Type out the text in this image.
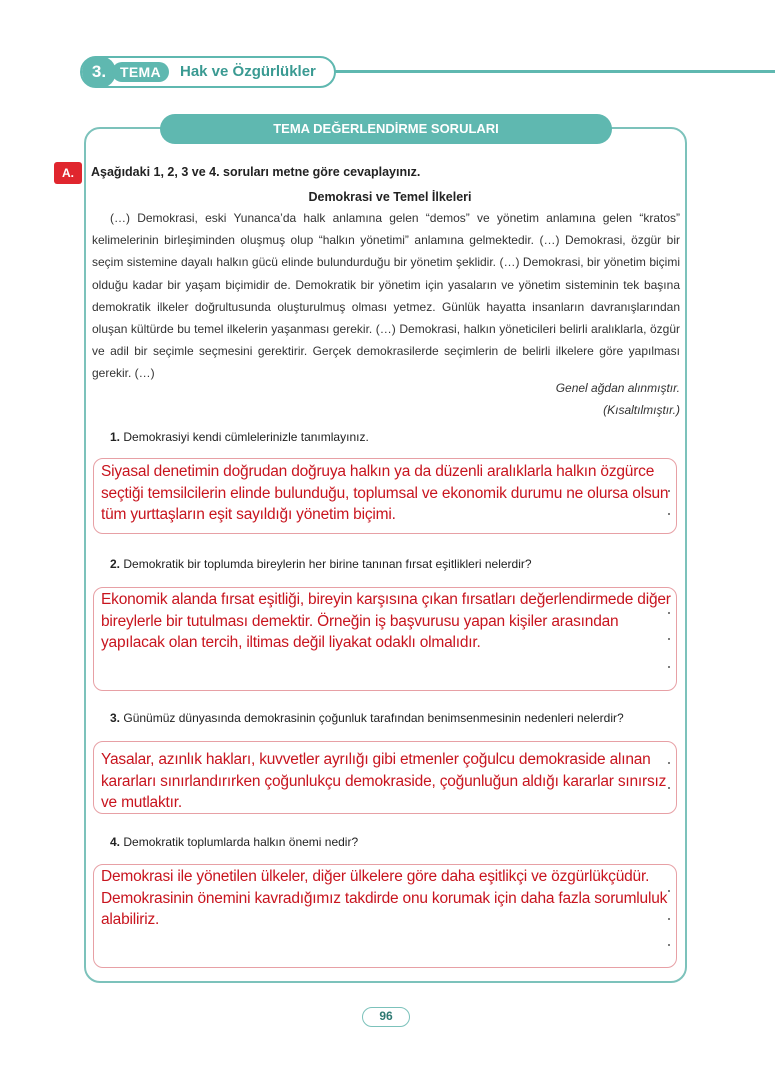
3. TEMA	Hak ve Özgürlükler
TEMA DEĞERLENDİRME SORULARI
A.	Aşağıdaki 1, 2, 3 ve 4. soruları metne göre cevaplayınız.
Demokrasi ve Temel İlkeleri
(…) Demokrasi, eski Yunanca’da halk anlamına gelen “demos” ve yönetim anlamına gelen “kratos” kelimelerinin birleşiminden oluşmuş olup “halkın yönetimi” anlamına gelmektedir. (…) Demokrasi, özgür bir seçim sistemine dayalı halkın gücü elinde bulundurduğu bir yönetim şeklidir. (…) Demokrasi, bir yönetim biçimi olduğu kadar bir yaşam biçimidir de. Demokratik bir yönetim için yasaların ve yönetim sisteminin tek başına demokratik ilkeler doğrultusunda oluşturulmuş olması yetmez. Günlük hayatta insanların davranışlarından oluşan kültürde bu temel ilkelerin yaşanması gerekir. (…) Demokrasi, halkın yöneticileri belirli aralıklarla, özgür ve adil bir seçimle seçmesini gerektirir. Gerçek demokrasilerde seçimlerin de belirli ilkelere göre yapılması gerekir. (…)
Genel ağdan alınmıştır.
(Kısaltılmıştır.)
1. Demokrasiyi kendi cümlelerinizle tanımlayınız.
Siyasal denetimin doğrudan doğruya halkın ya da düzenli aralıklarla halkın özgürce seçtiği temsilcilerin elinde bulunduğu, toplumsal ve ekonomik durumu ne olursa olsun tüm yurttaşların eşit sayıldığı yönetim biçimi.
2. Demokratik bir toplumda bireylerin her birine tanınan fırsat eşitlikleri nelerdir?
Ekonomik alanda fırsat eşitliği, bireyin karşısına çıkan fırsatları değerlendirmede diğer bireylerle bir tutulması demektir. Örneğin iş başvurusu yapan kişiler arasından yapılacak olan tercih, iltimas değil liyakat odaklı olmalıdır.
3. Günümüz dünyasında demokrasinin çoğunluk tarafından benimsenmesinin nedenleri nelerdir?
Yasalar, azınlık hakları, kuvvetler ayrılığı gibi etmenler çoğulcu demokraside alınan kararları sınırlandırırken çoğunlukçu demokraside, çoğunluğun aldığı kararlar sınırsız ve mutlaktır.
4. Demokratik toplumlarda halkın önemi nedir?
Demokrasi ile yönetilen ülkeler, diğer ülkelere göre daha eşitlikçi ve özgürlükçüdür. Demokrasinin önemini kavradığımız takdirde onu korumak için daha fazla sorumluluk alabiliriz.
96
